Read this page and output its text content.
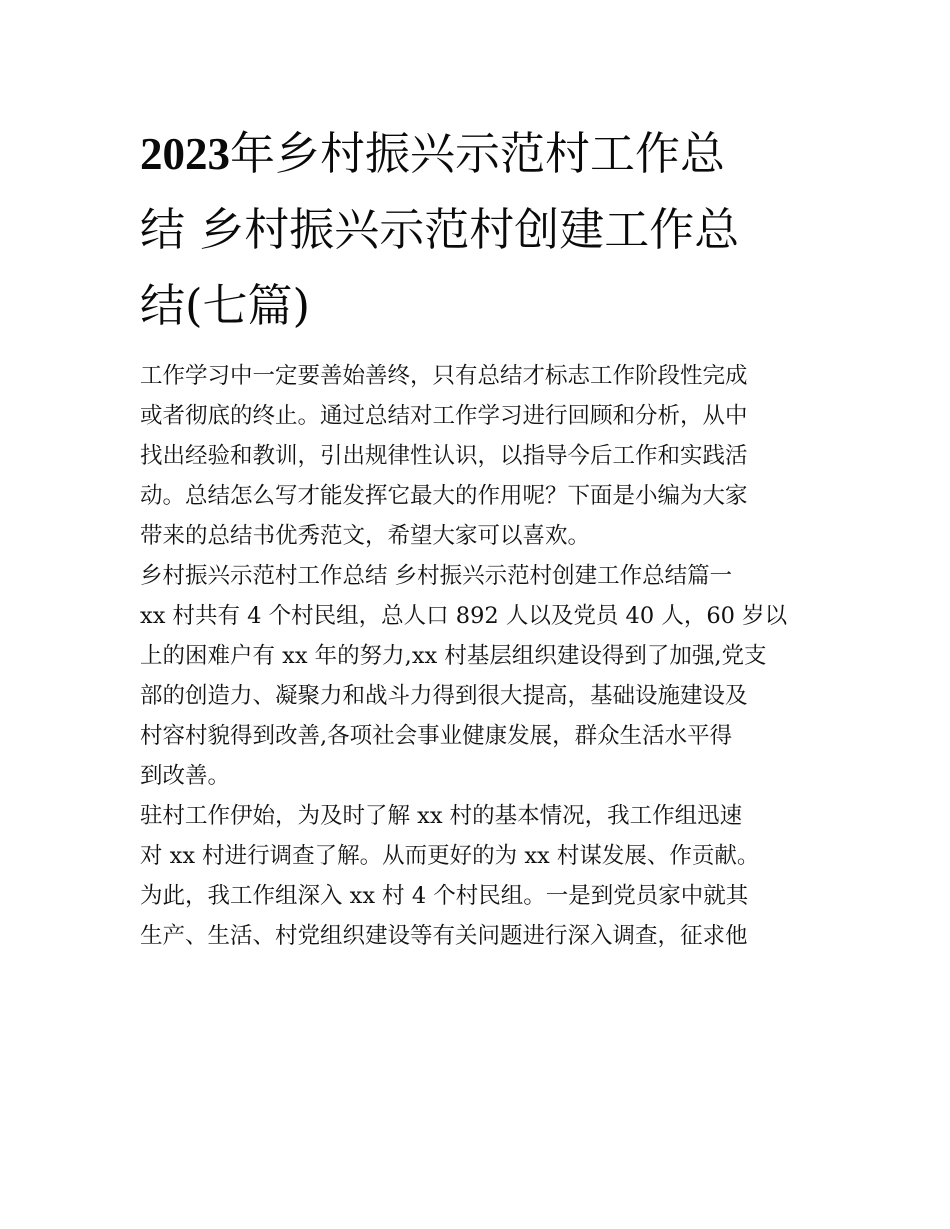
2023年乡村振兴示范村工作总
结 乡村振兴示范村创建工作总
结(七篇)

工作学习中一定要善始善终，只有总结才标志工作阶段性完成
或者彻底的终止。通过总结对工作学习进行回顾和分析，从中
找出经验和教训，引出规律性认识，以指导今后工作和实践活
动。总结怎么写才能发挥它最大的作用呢？下面是小编为大家
带来的总结书优秀范文，希望大家可以喜欢。

乡村振兴示范村工作总结 乡村振兴示范村创建工作总结篇一

xx 村共有 4 个村民组，总人口 892 人以及党员 40 人，60 岁以
上的困难户有 xx 年的努力,xx 村基层组织建设得到了加强,党支
部的创造力、凝聚力和战斗力得到很大提高，基础设施建设及
村容村貌得到改善,各项社会事业健康发展，群众生活水平得
到改善。

驻村工作伊始，为及时了解 xx 村的基本情况，我工作组迅速
对 xx 村进行调查了解。从而更好的为 xx 村谋发展、作贡献。
为此，我工作组深入 xx 村 4 个村民组。一是到党员家中就其
生产、生活、村党组织建设等有关问题进行深入调查，征求他
